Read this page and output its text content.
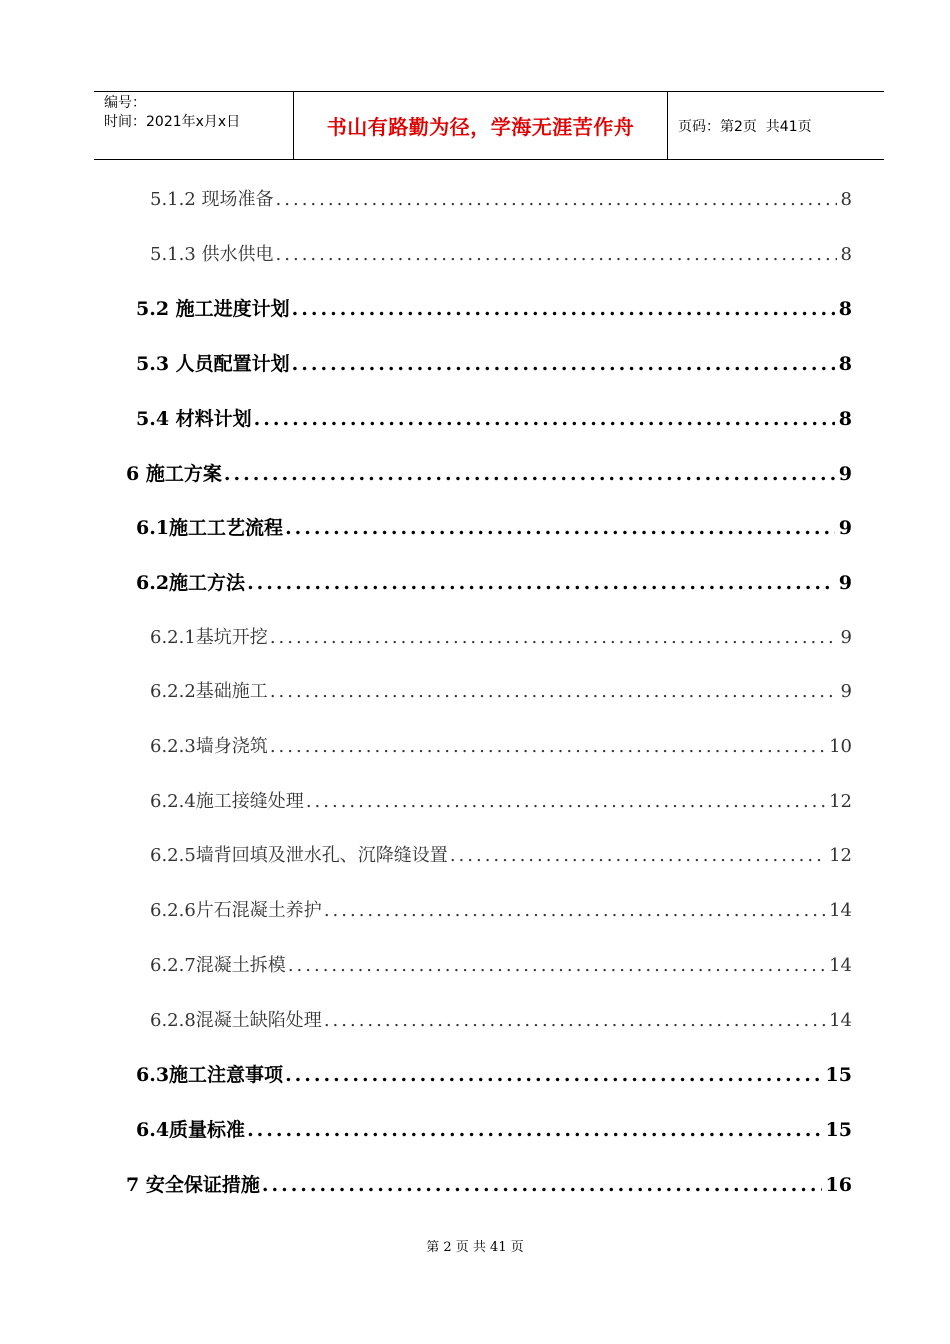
编号：
时间：2021年x月x日	书山有路勤为径，学海无涯苦作舟	页码：第2页  共41页
5.1.2 现场准备 .....	8
5.1.3 供水供电 .....	8
5.2 施工进度计划 .....	8
5.3 人员配置计划 .....	8
5.4 材料计划 .....	8
6 施工方案 .....	9
6.1施工工艺流程 .....	9
6.2施工方法 .....	9
6.2.1基坑开挖 .....	9
6.2.2基础施工 .....	9
6.2.3墙身浇筑 .....	10
6.2.4施工接缝处理 .....	12
6.2.5墙背回填及泄水孔、沉降缝设置 .....	12
6.2.6片石混凝土养护 .....	14
6.2.7混凝土拆模 .....	14
6.2.8混凝土缺陷处理 .....	14
6.3施工注意事项 .....	15
6.4质量标准 .....	15
7 安全保证措施 .....	16
第 2 页 共 41 页
